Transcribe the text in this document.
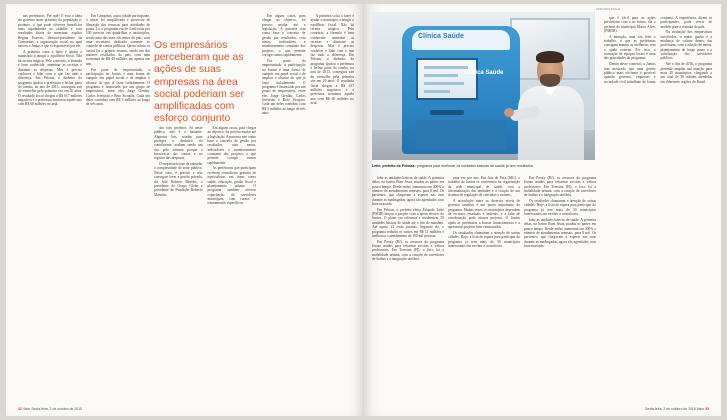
nas prefeituras. Por quê? É essa a ideia do governo mais próxima da população e, portanto, a que pode oferecer benefícios mais rapidamente ao cidadão e com resultados fáceis de mensurar, explica Regina Esteves, diretora-presidente da Comunitas, a organização social na qual nasceu o Juntos e que é responsável por ele.

A primeira coisa a fazer é ajudar o município a atingir o equilíbrio fiscal. Não há receita mágica. Pelo contrário, a fórmula é bem conhecida: aumentar as receitas e diminuir as despesas. Mas é preciso conhecer e lidar com o que faz tudo a diferença. Em Pelotas, o dinheiro do programa ajudou a prefeitura a fechar parte do rombo, no ano de 2013, conseguiu sair do vermelho pela primeira vez em 20 anos. O resultado fiscal chegou a R$ 617 milhões negativos e a prefeitura terminou aquele ano com R$ 60 milhões no azul.

Em Campinas, outra cidade participante, o ajuste foi simplificado e provocou de liberação dos recursos para atividades de ponta. Lá, o programa era de 3 mil reais por 100 pessoas em quadrilhas e instituições, sendo uma das mais eficientes do país, com uma secretaria dedicada somente ao controle de contas públicas. Quem cobriu os custos foi o próprio tesouro, sendo um dos maiores resultados do país, com uma economia de R$ 40 milhões em apenas um ano.

Por parte do empresariado, a participação no Juntos é uma forma de cumprir seu papel social e de ampliar o alcance do que já fazia isoladamente. O programa é financiado por um grupo de empresários, entre eles Jorge Gerdau, Carlos Jereissati e Beto Sicupira. Cada um deles contribui com R$ 3 milhões ao longo de três anos.

Os empresários perceberam que as ações de suas empresas na área social poderiam ser amplificadas com esforço conjunto

dos com prefeitos. Só neste público, não é o bastante. Algumas leis, criadas para proteger o dinheiro do contribuinte, acabam sendo um dos pelo sistema porque a burocracia das contas e no registro das despesas.

O empresário tem de entender a complexidade do setor público. Nesse caso, é preciso e não conseguir levar a gestão privada, diz José Roberto Mendes, o presidente do Grupo Globo e presidente da Fundação Roberto Marinho.

Em alguns casos, para chegar ao objetivo, foi preciso mudar até a legislação. A parceria tem como base o conceito de gestão por resultados, com metas, indicadores e monitoramento constante dos projetos, o que permite corrigir rumos rapidamente.

As prefeituras que participam recebem consultoria gratuita de especialistas em áreas como saúde, educação, gestão fiscal e planejamento urbano. O programa também oferece capacitação de servidores municipais, com cursos e treinamentos específicos.

Em alguns casos, para chegar ao objetivo, foi preciso mudar até a legislação. A parceria tem como base o conceito de gestão por resultados, com metas, indicadores e monitoramento constante dos projetos, o que permite corrigir rumos rapidamente.

Por parte do empresariado, a participação no Juntos é uma forma de cumprir seu papel social e de ampliar o alcance do que já fazia isoladamente. O programa é financiado por um grupo de empresários, entre eles Jorge Gerdau, Carlos Jereissati e Beto Sicupira. Cada um deles contribui com R$ 3 milhões ao longo de três anos.

A primeira coisa a fazer é ajudar o município a atingir o equilíbrio fiscal. Não há receita mágica. Pelo contrário, a fórmula é bem conhecida: aumentar as receitas e diminuir as despesas. Mas é preciso conhecer e lidar com o que faz tudo a diferença. Em Pelotas, o dinheiro do programa ajudou a prefeitura a fechar parte do rombo, no ano de 2013, conseguiu sair do vermelho pela primeira vez em 20 anos. O resultado fiscal chegou a R$ 617 milhões negativos e a prefeitura terminou aquele ano com R$ 60 milhões no azul.

32 Valor Sexta-feira, 2 de outubro de 2015
Clínica Saúde
Clínica Saúde
CRISTIANO ROCHA
Leite, prefeito de Pelotas: programa para melhorar os unidades básicas de saúde já tem resultados

lidar as unidades básicas de saúde. A primeira delas, no bairro Bom Jesus, mudou as partes em pouco tempo. Desde então, aumentou em 300% o número de atendimentos mensais, para 8 mil. Os pacientes, que chegavam a esperar nas ruas durante as madrugadas, agora são agendados com hora marcada.

Em Pelotas, o prefeito eleito Eduardo Leite (PSDB) lançou o projeto com o apoio técnico do Juntos. O plano era reformar e modernizar 50 unidades básicas de saúde até o fim do mandato. Até agora, 22 estão prontas. Segundo ele, o programa reduziu os custos em R$ 11 milhões e melhorou o atendimento de 100 mil pessoas.

Em Paraty (RJ), os recursos do programa foram usados para reformar escolas e treinar professores. Em Teresina (PI), o foco foi a mobilidade urbana, com a criação de corredores de ônibus e a integração tarifária.

uma vez por ano. Em Juiz de Fora (MG), o trabalho do Juntos se concentrou na organização da rede municipal de saúde, com a informatização das unidades e a criação de um sistema de regulação de consultas e exames.

A articulação entre os diversos níveis de governo também é um ponto importante do programa. Muitas vezes, os municípios dependem de recursos estaduais e federais, e a falta de coordenação pode atrasar projetos. O Juntos ajuda as prefeituras a buscar financiamento e a apresentar projetos bem estruturados.

Os resultados chamaram a atenção de outras cidades. Hoje, a lista de espera para participar do programa já tem mais de 30 municípios interessados em receber a consultoria.

Em Paraty (RJ), os recursos do programa foram usados para reformar escolas e treinar professores. Em Teresina (PI), o foco foi a mobilidade urbana, com a criação de corredores de ônibus e a integração tarifária.

Os resultados chamaram a atenção de outras cidades. Hoje, a lista de espera para participar do programa já tem mais de 30 municípios interessados em receber a consultoria.

lidar as unidades básicas de saúde. A primeira delas, no bairro Bom Jesus, mudou as partes em pouco tempo. Desde então, aumentou em 300% o número de atendimentos mensais, para 8 mil. Os pacientes, que chegavam a esperar nas ruas durante as madrugadas, agora são agendados com hora marcada.

que é fácil para as ações persistirem com a ao futuro, diz o prefeito do município Marco Alves (PMDB).

A intenção, uma vez feito o trabalho, é que as prefeituras consigam manter as melhorias sem a ajuda externa. Por isso, a formação de equipes locais é uma das prioridades do programa.

Dentro desse contexto, o Juntos tem mostrado que uma gestão pública mais eficiente é possível quando governo, empresas e sociedade civil trabalham de forma conjunta. A experiência, dizem os participantes, pode servir de modelo para o restante do país.

Na avaliação dos empresários envolvidos, o maior ganho é a mudança de cultura dentro das prefeituras, com a adoção de metas, planejamento de longo prazo e a valorização dos servidores públicos.

Até o fim de 2016, o programa pretende ampliar sua atuação para mais 20 municípios, chegando a um total de 50 cidades atendidas em diferentes regiões do Brasil.

Sexta-feira, 2 de outubro de 2015 Valor 33
